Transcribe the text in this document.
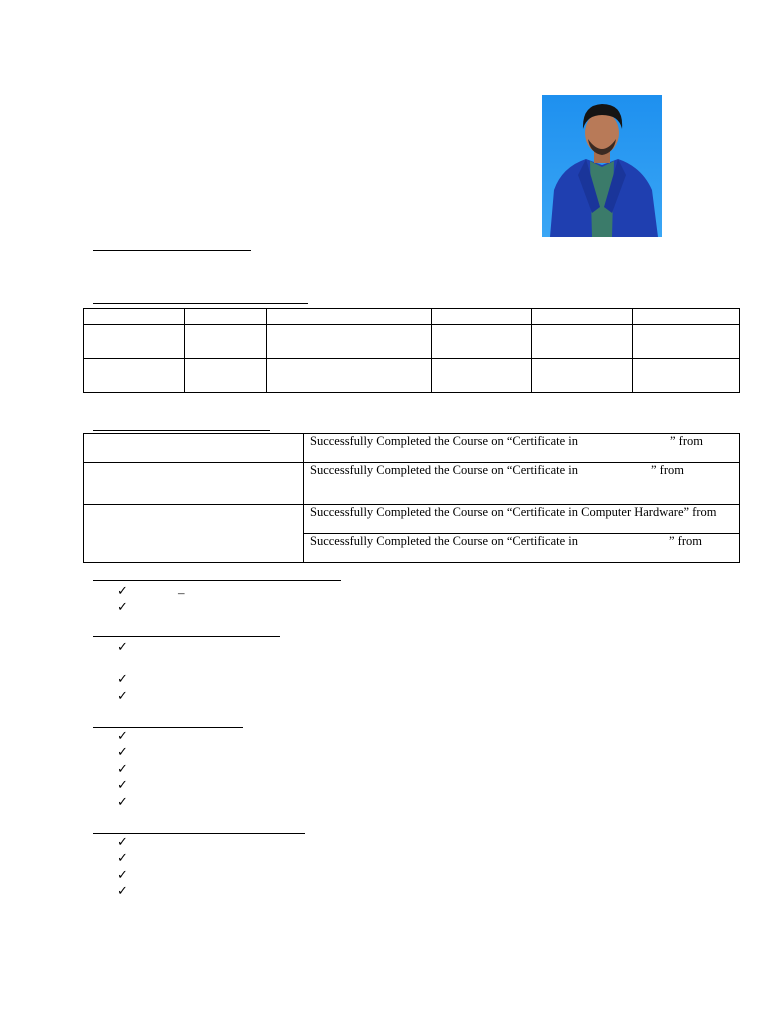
	Successfully Completed the Course on “Certificate in ” from
	Successfully Completed the Course on “Certificate in ” from
	Successfully Completed the Course on “Certificate in Computer Hardware” from
	Successfully Completed the Course on “Certificate in ” from
✓	–
✓
✓
✓
✓
✓
✓
✓
✓
✓
✓
✓
✓
✓
